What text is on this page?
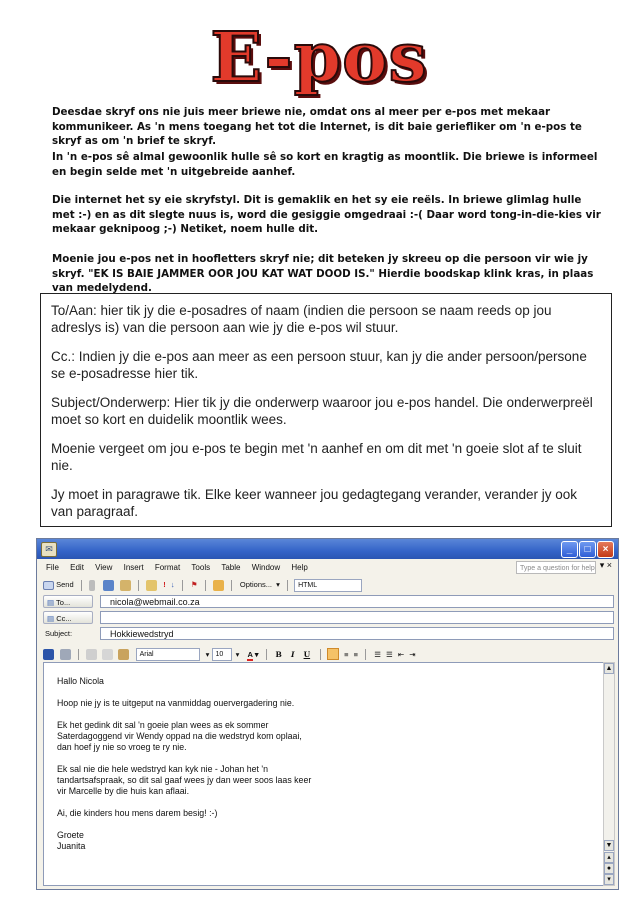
E-pos
Deesdae skryf ons nie juis meer briewe nie, omdat ons al meer per e-pos met mekaar kommunikeer. As 'n mens toegang het tot die Internet, is dit baie geriefliker om 'n e-pos te skryf as om 'n brief te skryf.
In 'n e-pos sê almal gewoonlik hulle sê so kort en kragtig as moontlik. Die briewe is informeel en begin selde met 'n uitgebreide aanhef.
Die internet het sy eie skryfstyl. Dit is gemaklik en het sy eie reëls. In briewe glimlag hulle met :-) en as dit slegte nuus is, word die gesiggie omgedraai :-( Daar word tong-in-die-kies vir mekaar geknipoog ;-) Netiket, noem hulle dit.
Moenie jou e-pos net in hoofletters skryf nie; dit beteken jy skreeu op die persoon vir wie jy skryf. "EK IS BAIE JAMMER OOR JOU KAT WAT DOOD IS." Hierdie boodskap klink kras, in plaas van medelydend.

To/Aan: hier tik jy die e-posadres of naam (indien die persoon se naam reeds op jou adreslys is) van die persoon aan wie jy die e-pos wil stuur.

Cc.: Indien jy die e-pos aan meer as een persoon stuur, kan jy die ander persoon/persone se e-posadresse hier tik.

Subject/Onderwerp: Hier tik jy die onderwerp waaroor jou e-pos handel. Die onderwerpreël moet so kort en duidelik moontlik wees.

Moenie vergeet om jou e-pos te begin met 'n aanhef en om dit met 'n goeie slot af te sluit nie.

Jy moet in paragrawe tik. Elke keer wanneer jou gedagtegang verander, verander jy ook van paragraaf.

✉	_	□	×
File Edit View Insert Format Tools Table Window Help	Type a question for help ▾ ×
Send	! ↓ ⚑	Options... ▾	HTML
▤ To...	nicola@webmail.co.za
▤ Cc...
Subject:	Hokkiewedstryd
Arial	▾ 10 ▾ A ▾ B I U	≡ ≡ ☰ ☰ ⇤ ⇥

Hallo Nicola

Hoop nie jy is te uitgeput na vanmiddag ouervergadering nie.

Ek het gedink dit sal 'n goeie plan wees as ek sommer
Saterdagoggend vir Wendy oppad na die wedstryd kom oplaai,
dan hoef jy nie so vroeg te ry nie.

Ek sal nie die hele wedstryd kan kyk nie - Johan het 'n
tandartsafspraak, so dit sal gaaf wees jy dan weer soos laas keer
vir Marcelle by die huis kan aflaai.

Ai, die kinders hou mens darem besig! :-)

Groete
Juanita

▲
▼
▴
●
▾
